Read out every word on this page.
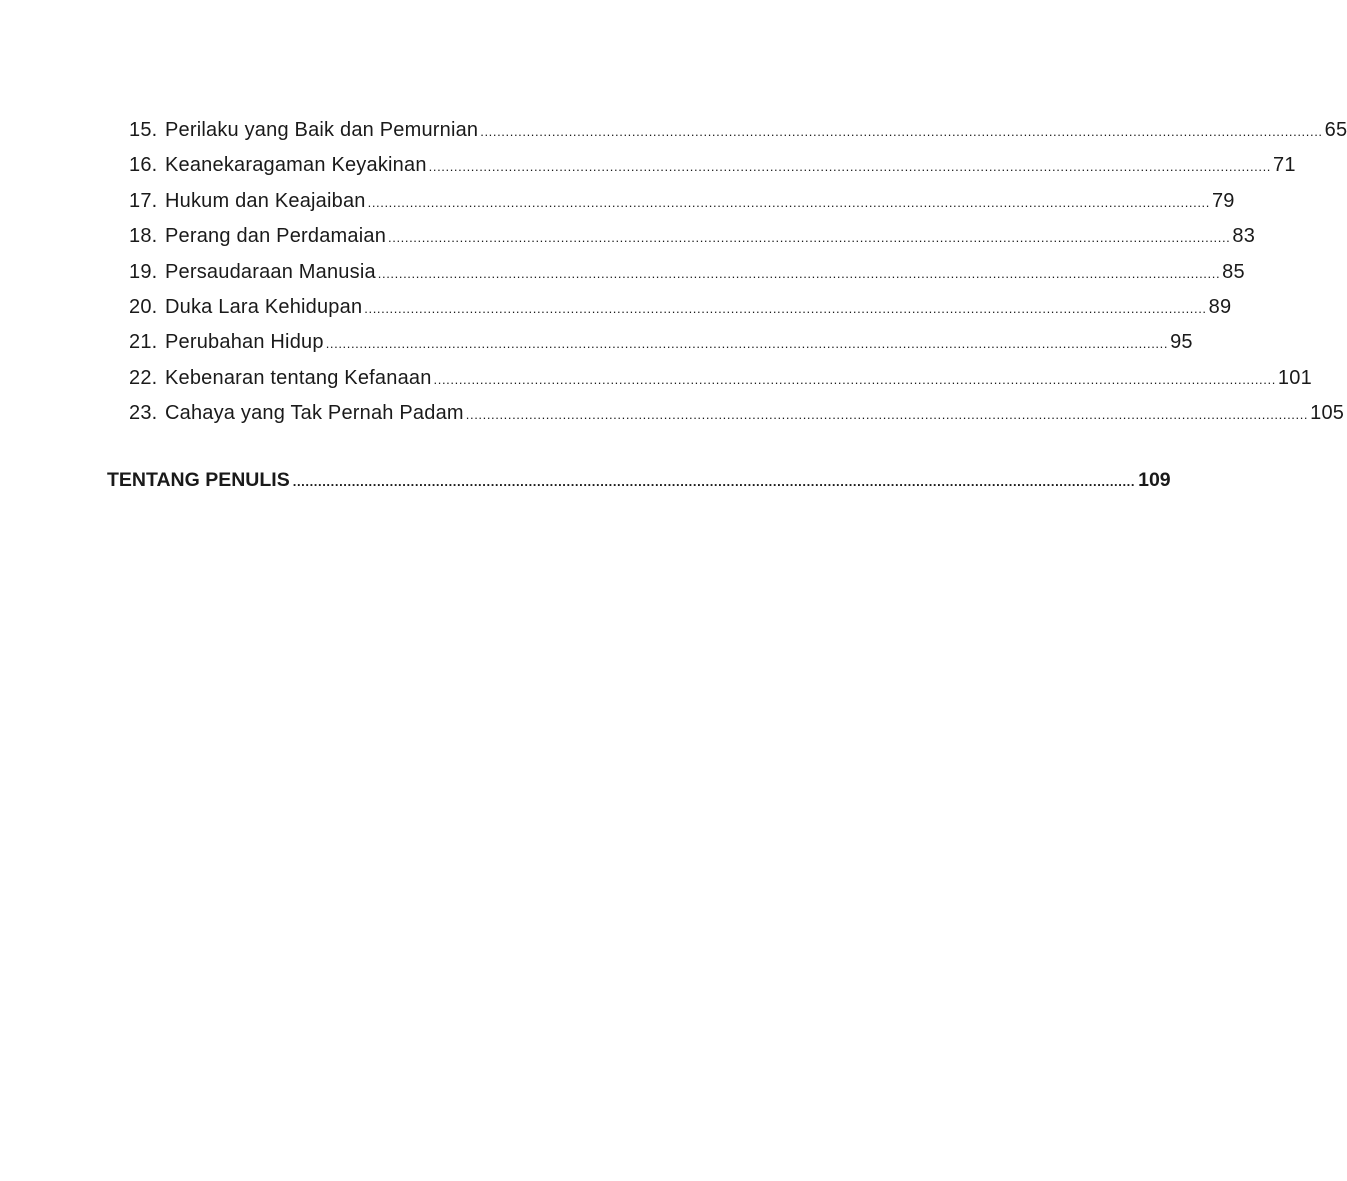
15. Perilaku yang Baik dan Pemurnian ........................................................................................................................................................................................................ 65
16. Keanekaragaman Keyakinan ........................................................................................................................................................................................................ 71
17. Hukum dan Keajaiban ........................................................................................................................................................................................................ 79
18. Perang dan Perdamaian ........................................................................................................................................................................................................ 83
19. Persaudaraan Manusia ........................................................................................................................................................................................................ 85
20. Duka Lara Kehidupan ........................................................................................................................................................................................................ 89
21. Perubahan Hidup ........................................................................................................................................................................................................ 95
22. Kebenaran tentang Kefanaan ........................................................................................................................................................................................................ 101
23. Cahaya yang Tak Pernah Padam ........................................................................................................................................................................................................ 105
TENTANG PENULIS ........................................................................................................................................................................................................ 109
